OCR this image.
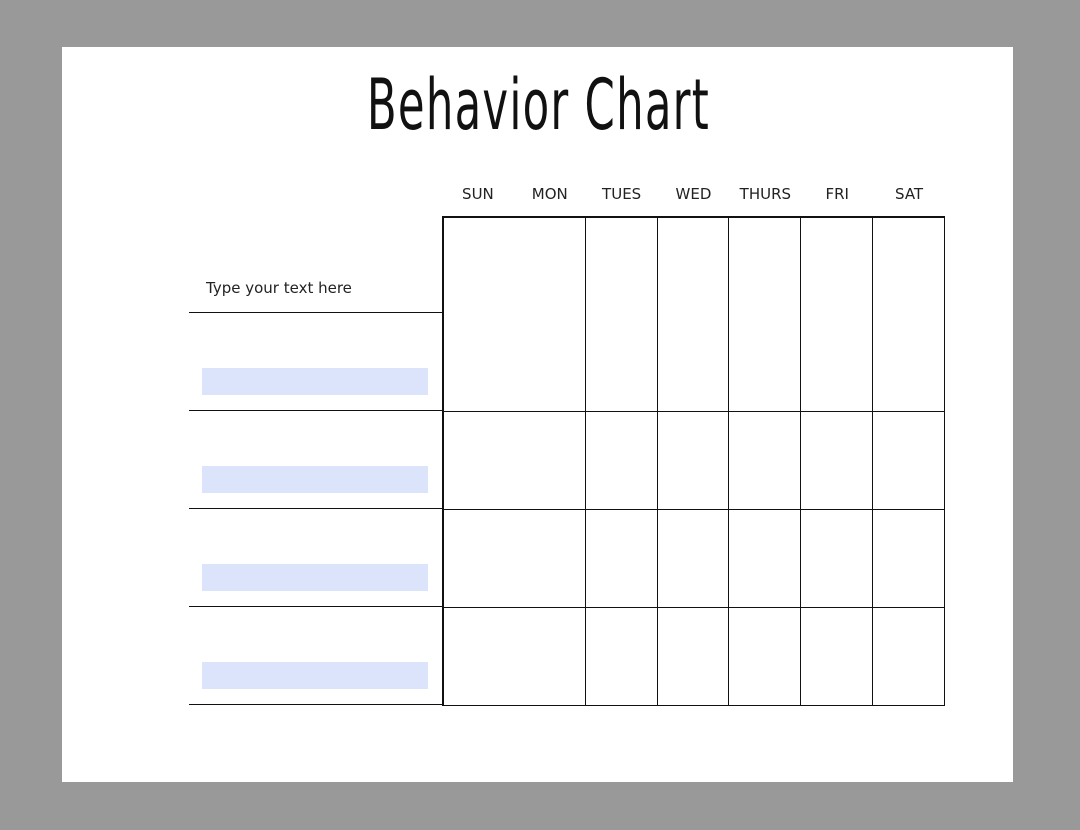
Behavior Chart
SUN	MON	TUES	WED	THURS	FRI	SAT
Type your text here
